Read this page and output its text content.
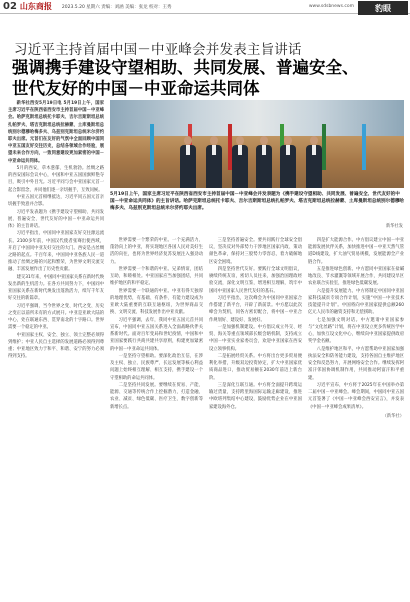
02 山东商报 2023.5.20 星期六 责编：刘涵 美编：张龙 校对：王秀	www.sdsbnews.com	豹眼
习近平主持首届中国－中亚峰会并发表主旨讲话
强调携手建设守望相助、共同发展、普遍安全、
世代友好的中国－中亚命运共同体

新华社西安5月19日电 5月19日上午，国家主席习近平在陕西省西安市主持首届中国－中亚峰会。哈萨克斯坦总统托卡耶夫、吉尔吉斯斯坦总统扎帕罗夫、塔吉克斯坦总统拉赫蒙、土库曼斯坦总统别尔德穆哈梅多夫、乌兹别克斯坦总统米尔济约耶夫出席。元首们在友好的气氛中全面回顾中国同中亚五国友好交往历史，总结各领域合作经验，展望未来合作方向，一致同意建设更加紧密的中国－中亚命运共同体。

5月的西安，草木葱郁、生机勃勃。丝绸之路的西安国际会议中心，中国和中亚五国国旗鲜艳夺目，吸引中外目光。习近平同与会中亚国家元首一起合影留念，并同他们逐一亲切握手，互致问候。

中亚五国元首相继抵达，习近平同五国元首亲切握手致意并合影。

习近平发表题为《携手建设守望相助、共同发展、普遍安全、世代友好的中国－中亚命运共同体》的主旨讲话。

习近平指出，中国同中亚国家友好交往源远流长。2100多年前，中国汉代使者张骞出使西域，开启了中国同中亚友好交往的大门。西安是古丝绸之路的起点。千百年来，中国同中亚各族人民一道推动了丝绸之路的兴起和繁荣，为世界文明交流交融、丰富发展作出了历史性贡献。

建交31年来，中国同中亚国家关系在新时代焕发出新的生机活力。在各方共同努力下，中国同中亚国家关系在新时代焕发出蓬勃活力，续写千年友好交往的新篇章。

习近平强调，当今世界之变、时代之变、历史之变正以前所未有的方式展开。中亚是亚欧大陆的中心，处在联通东西、贯穿南北的十字路口。世界需要一个稳定的中亚。

中亚国家主权、安全、独立、领土完整必须得到维护；中亚人民自主选择的发展道路必须得到尊重；中亚地区致力于和平、和谐、安宁的努力必须得到支持。

5月19日上午，国家主席习近平在陕西省西安市主持首届中国－中亚峰会并发表题为《携手建设守望相助、共同发展、普遍安全、世代友好的中国－中亚命运共同体》的主旨讲话。哈萨克斯坦总统托卡耶夫、吉尔吉斯斯坦总统扎帕罗夫、塔吉克斯坦总统拉赫蒙、土库曼斯坦总统别尔德穆哈梅多夫、乌兹别克斯坦总统米尔济约耶夫出席。
新华社发

世界需要一个繁荣的中亚。一个充满活力、蓬勃向上的中亚，将实现地区各国人民对美好生活的向往，也将为世界经济复苏发展注入强劲动力。

世界需要一个和谐的中亚。兄弟情谊，团结互助，和睦相处。中亚国家应当加强团结，共同维护地区的和平稳定。

世界需要一个联通的中亚。中亚有得天独厚的地理优势，有基础、有条件、有能力建设成为亚欧大陆重要的互联互通枢纽，为世界商品交换、文明交流、科技发展作出中亚贡献。

习近平强调，去年，我同中亚五国元首共同宣布，中国同中亚五国关系进入全面战略伙伴关系新时代。面对百年变局和世纪疫情，中国和中亚国家要践行共商共建共享原则，构建更加紧密的中国－中亚命运共同体。

一是坚持守望相助。要深化政治互信，在涉及主权、独立、民族尊严、长远发展等核心利益问题上始终相互理解、相互支持，携手建设一个守望相助的命运共同体。

二是坚持共同发展。要继续在贸易、产能、能源、交通等传统合作上挖掘潜力，打造金融、农业、减贫、绿色低碳、医疗卫生、数字创新等新增长点。

三是坚持普遍安全。要共同践行全球安全倡议，坚决反对外部势力干涉地区国家内政、策动颜色革命，保持对三股势力零容忍，着力破解地区安全困境。

四是坚持世代友好。要践行全球文明倡议，赓续传统友谊，密切人员往来，加强治国理政经验交流，深化文明互鉴，增进相互理解，筑牢中国同中亚国家人民世代友好的基石。

习近平指出，这次峰会为中国同中亚国家合作搭建了新平台，开辟了新前景。中方愿以此次峰会为契机，同各方密切配合，将中国－中亚合作规划好、建设好、发展好。

一是加强机制建设。中方倡议成立外交、经贸、海关等重点领域部长级会晤机制，支持成立中国－中亚实业家委员会，欢迎中亚国家在西安设立领事机构。

二是拓展经贸关系。中方将出台更多贸易便利化举措，升级双边投资协定，扩大中亚国家优质商品进口，推动贸易额在2030年前迈上新台阶。

三是深化互联互通。中方将全面提升跨境运输过货量，支持跨里海国际运输走廊建设，推进中欧班列集结中心建设，鼓励优势企业在中亚国家建设海外仓。

四是扩大能源合作。中方倡议建立中国－中亚能源发展伙伴关系，加快推进中国－中亚天然气管道D线建设，扩大油气贸易规模，发展能源全产业链合作。

五是推进绿色创新。中方愿同中亚国家在盐碱地改良、节水灌溉等领域开展合作，共同建设旱区农业联合实验室，推进绿色低碳发展。

六是提升发展能力。中方将制定中国同中亚国家科技减贫专项合作计划，实施“中国－中亚技术技能提升计划”。中国将向中亚国家提供总额260亿元人民币的融资支持和无偿援助。

七是加强文明对话。中方邀请中亚国家参与“文化丝路”计划，将在中亚设立更多传统医学中心，加快互设文化中心，继续向中亚国家提供政府奖学金名额。

八是维护地区和平。中方愿帮助中亚国家加强执法安全和防务能力建设，支持各国自主维护地区安全和反恐努力，开展网络安全合作。继续发挥阿富汗邻国协调机制作用，共同推动阿富汗和平重建。

习近平宣布，中方将于2025年在中国举办第二届中国－中亚峰会。峰会期间，中国同中亚五国元首签署了《中国－中亚峰会西安宣言》，并发表《中国－中亚峰会成果清单》。

（新华社）
